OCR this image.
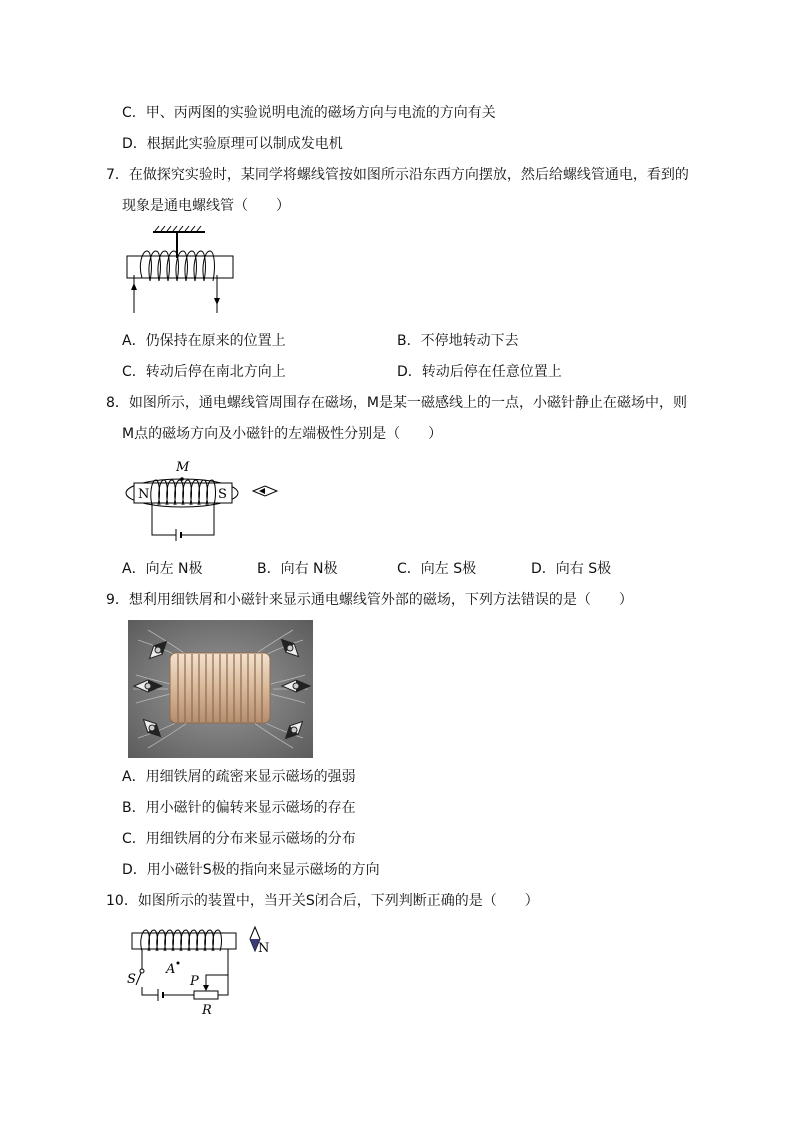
C．甲、丙两图的实验说明电流的磁场方向与电流的方向有关
D．根据此实验原理可以制成发电机
7．在做探究实验时，某同学将螺线管按如图所示沿东西方向摆放，然后给螺线管通电，看到的
现象是通电螺线管（　　）
A．仍保持在原来的位置上	B．不停地转动下去
C．转动后停在南北方向上	D．转动后停在任意位置上
8．如图所示，通电螺线管周围存在磁场，M是某一磁感线上的一点，小磁针静止在磁场中，则
M点的磁场方向及小磁针的左端极性分别是（　　）
M
N	S
A．向左 N极	B．向右 N极	C．向左 S极	D．向右 S极
9．想利用细铁屑和小磁针来显示通电螺线管外部的磁场，下列方法错误的是（　　）
A．用细铁屑的疏密来显示磁场的强弱
B．用小磁针的偏转来显示磁场的存在
C．用细铁屑的分布来显示磁场的分布
D．用小磁针S极的指向来显示磁场的方向
10．如图所示的装置中，当开关S闭合后，下列判断正确的是（　　）
N
A
S	P
R
